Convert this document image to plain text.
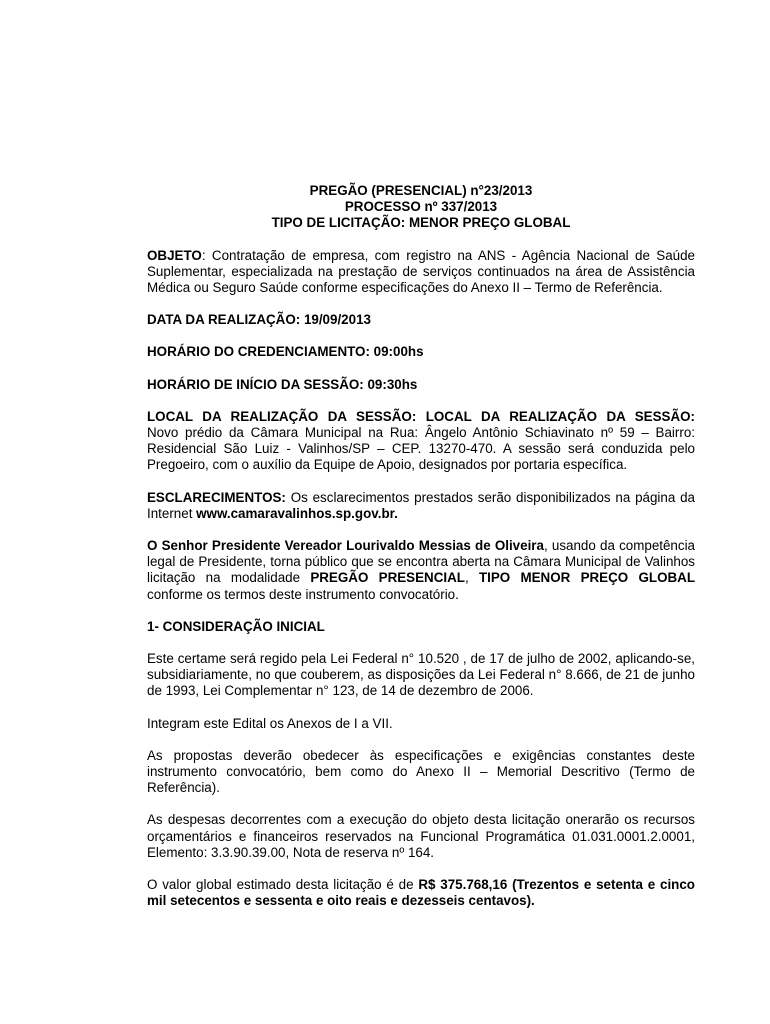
PREGÃO (PRESENCIAL) n°23/2013
PROCESSO nº 337/2013
TIPO DE LICITAÇÃO: MENOR PREÇO GLOBAL

OBJETO: Contratação de empresa, com registro na ANS - Agência Nacional de Saúde Suplementar, especializada na prestação de serviços continuados na área de Assistência Médica ou Seguro Saúde conforme especificações do Anexo II – Termo de Referência.

DATA DA REALIZAÇÃO: 19/09/2013

HORÁRIO DO CREDENCIAMENTO: 09:00hs

HORÁRIO DE INÍCIO DA SESSÃO: 09:30hs

LOCAL DA REALIZAÇÃO DA SESSÃO: LOCAL DA REALIZAÇÃO DA SESSÃO:

Novo prédio da Câmara Municipal na Rua: Ângelo Antônio Schiavinato nº 59 – Bairro: Residencial São Luiz - Valinhos/SP – CEP. 13270-470. A sessão será conduzida pelo Pregoeiro, com o auxílio da Equipe de Apoio, designados por portaria específica.

ESCLARECIMENTOS: Os esclarecimentos prestados serão disponibilizados na página da Internet www.camaravalinhos.sp.gov.br.

O Senhor Presidente Vereador Lourivaldo Messias de Oliveira, usando da competência legal de Presidente, torna público que se encontra aberta na Câmara Municipal de Valinhos licitação na modalidade PREGÃO PRESENCIAL, TIPO MENOR PREÇO GLOBAL conforme os termos deste instrumento convocatório.

1- CONSIDERAÇÃO INICIAL

Este certame será regido pela Lei Federal n° 10.520 , de 17 de julho de 2002, aplicando-se, subsidiariamente, no que couberem, as disposições da Lei Federal n° 8.666, de 21 de junho de 1993, Lei Complementar n° 123, de 14 de dezembro de 2006.

Integram este Edital os Anexos de I a VII.

As propostas deverão obedecer às especificações e exigências constantes deste instrumento convocatório, bem como do Anexo II – Memorial Descritivo (Termo de Referência).

As despesas decorrentes com a execução do objeto desta licitação onerarão os recursos orçamentários e financeiros reservados na Funcional Programática 01.031.0001.2.0001, Elemento: 3.3.90.39.00, Nota de reserva nº 164.

O valor global estimado desta licitação é de R$ 375.768,16 (Trezentos e setenta e cinco mil setecentos e sessenta e oito reais e dezesseis centavos).
